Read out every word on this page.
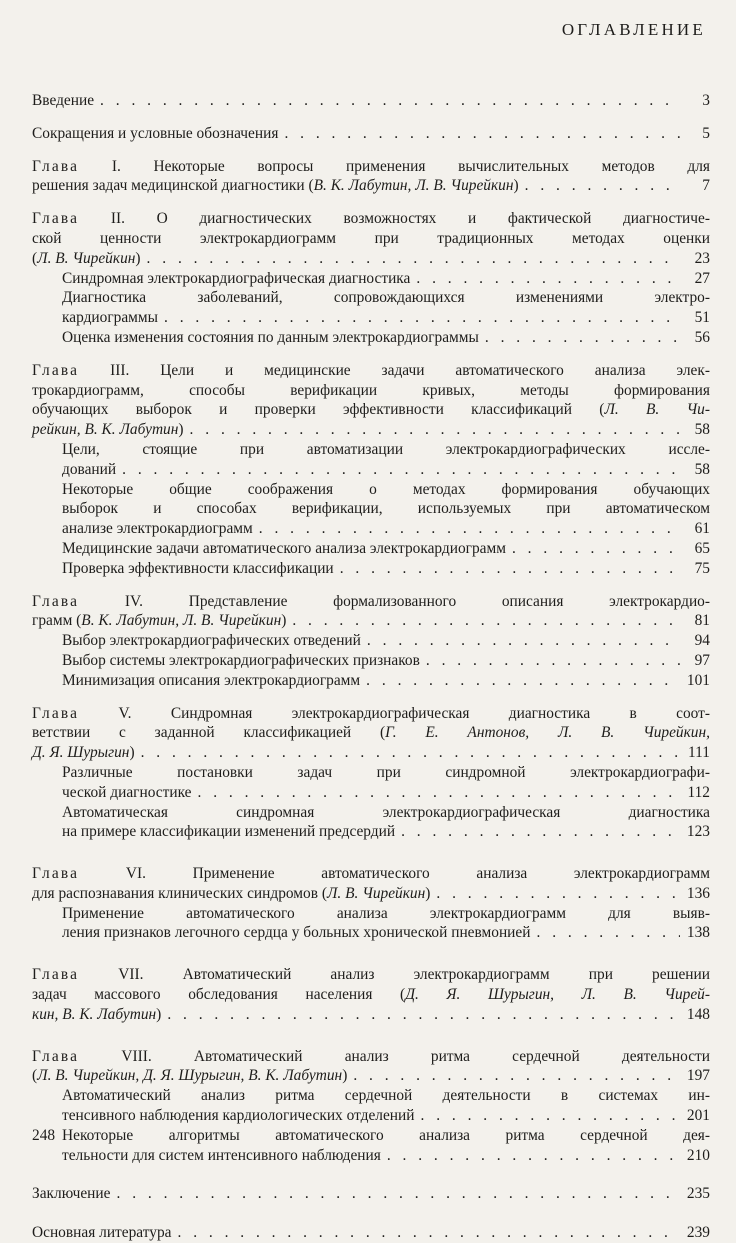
ОГЛАВЛЕНИЕ
Введение . . .	3
Сокращения и условные обозначения . . .	5
Глава I. Некоторые вопросы применения вычислительных методов для
решения задач медицинской диагностики (В. К. Лабутин, Л. В. Чирейкин) . . .	7
Глава II. О диагностических возможностях и фактической диагностиче-
ской ценности электрокардиограмм при традиционных методах оценки
(Л. В. Чирейкин) . . .	23
Синдромная электрокардиографическая диагностика . . .	27
Диагностика заболеваний, сопровождающихся изменениями электро-
кардиограммы . . .	51
Оценка изменения состояния по данным электрокардиограммы . . .	56
Глава III. Цели и медицинские задачи автоматического анализа элек-
трокардиограмм, способы верификации кривых, методы формирования
обучающих выборок и проверки эффективности классификаций (Л. В. Чи-
рейкин, В. К. Лабутин) . . .	58
Цели, стоящие при автоматизации электрокардиографических иссле-
дований . . .	58
Некоторые общие соображения о методах формирования обучающих
выборок и способах верификации, используемых при автоматическом
анализе электрокардиограмм . . .	61
Медицинские задачи автоматического анализа электрокардиограмм . . .	65
Проверка эффективности классификации . . .	75
Глава	IV.	Представление формализованного описания электрокардио-
грамм (В. К. Лабутин, Л. В. Чирейкин) . . .	81
Выбор электрокардиографических отведений . . .	94
Выбор системы электрокардиографических признаков . . .	97
Минимизация описания электрокардиограмм . . .	101
Глава	V.	Синдромная электрокардиографическая диагностика в соот-
ветствии с заданной классификацией (Г. Е. Антонов, Л. В. Чирейкин,
Д. Я. Шурыгин) . . .	111
Различные постановки задач при синдромной электрокардиографи-
ческой диагностике . . .	112
Автоматическая синдромная электрокардиографическая диагностика
на примере классификации изменений предсердий . . .	123
Глава	VI.	Применение автоматического анализа электрокардиограмм
для распознавания клинических синдромов (Л. В. Чирейкин) . . .	136
Применение автоматического анализа электрокардиограмм для выяв-
ления признаков легочного сердца у больных хронической пневмонией . . .	138
Глава	VII.	Автоматический анализ электрокардиограмм при решении
задач массового обследования населения (Д. Я. Шурыгин, Л. В. Чирей-
кин, В. К. Лабутин) . . .	148
Глава	VIII.	Автоматический анализ ритма сердечной деятельности
(Л. В. Чирейкин, Д. Я. Шурыгин, В. К. Лабутин) . . .	197
Автоматический анализ ритма сердечной деятельности в системах ин-
тенсивного наблюдения кардиологических отделений . . .	201
Некоторые алгоритмы автоматического анализа ритма сердечной дея-
тельности для систем интенсивного наблюдения . . .	210
Заключение . . .	235
Основная литература . . .	239
248
